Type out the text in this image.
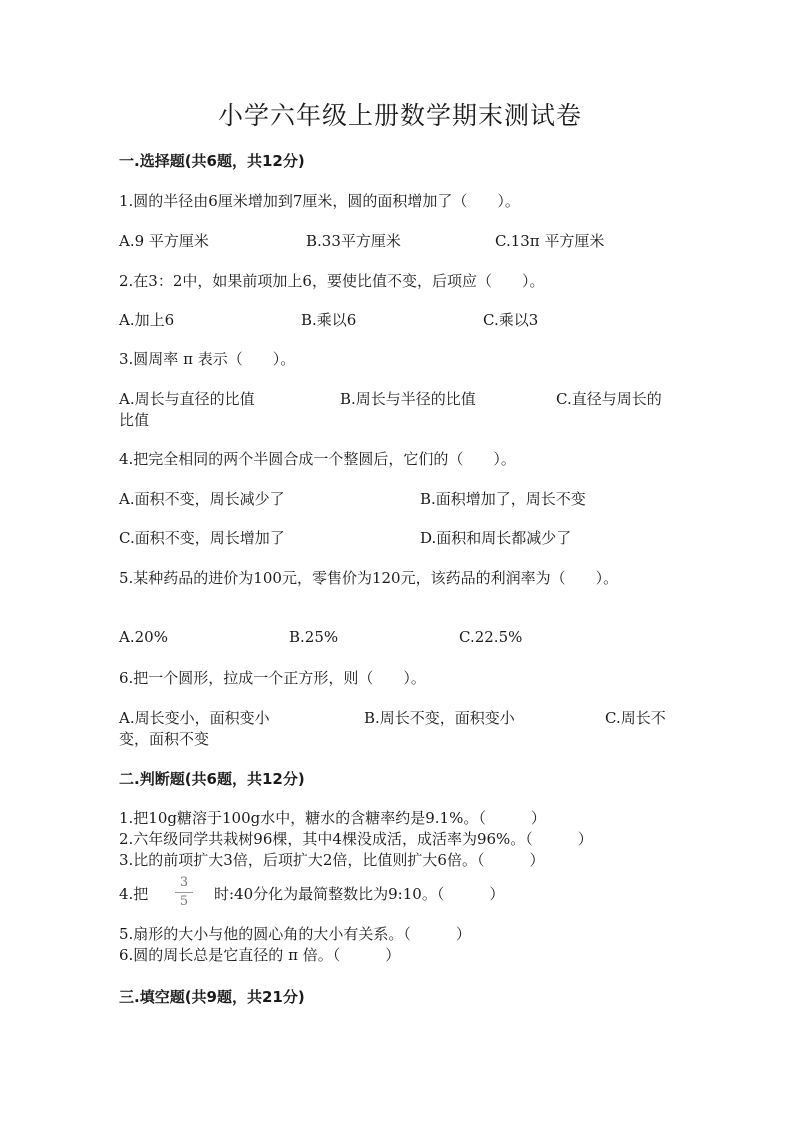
小学六年级上册数学期末测试卷
一.选择题(共6题，共12分)
1.圆的半径由6厘米增加到7厘米，圆的面积增加了（　　）。
A.9 平方厘米	B.33平方厘米	C.13π 平方厘米
2.在3：2中，如果前项加上6，要使比值不变，后项应（　　）。
A.加上6	B.乘以6	C.乘以3
3.圆周率 π 表示（　　）。
A.周长与直径的比值	B.周长与半径的比值	C.直径与周长的
比值
4.把完全相同的两个半圆合成一个整圆后，它们的（　　）。
A.面积不变，周长减少了	B.面积增加了，周长不变
C.面积不变，周长增加了	D.面积和周长都减少了
5.某种药品的进价为100元，零售价为120元，该药品的利润率为（　　）。
A.20%	B.25%	C.22.5%
6.把一个圆形，拉成一个正方形，则（　　）。
A.周长变小，面积变小	B.周长不变，面积变小	C.周长不
变，面积不变
二.判断题(共6题，共12分)
1.把10g糖溶于100g水中，糖水的含糖率约是9.1%。（　　　）
2.六年级同学共栽树96棵，其中4棵没成活，成活率为96%。（　　　）
3.比的前项扩大3倍，后项扩大2倍，比值则扩大6倍。（　　　）
4.把
3
5	时:40分化为最简整数比为9:10。（　　　）
5.扇形的大小与他的圆心角的大小有关系。（　　　）
6.圆的周长总是它直径的 π 倍。（　　　）
三.填空题(共9题，共21分)
